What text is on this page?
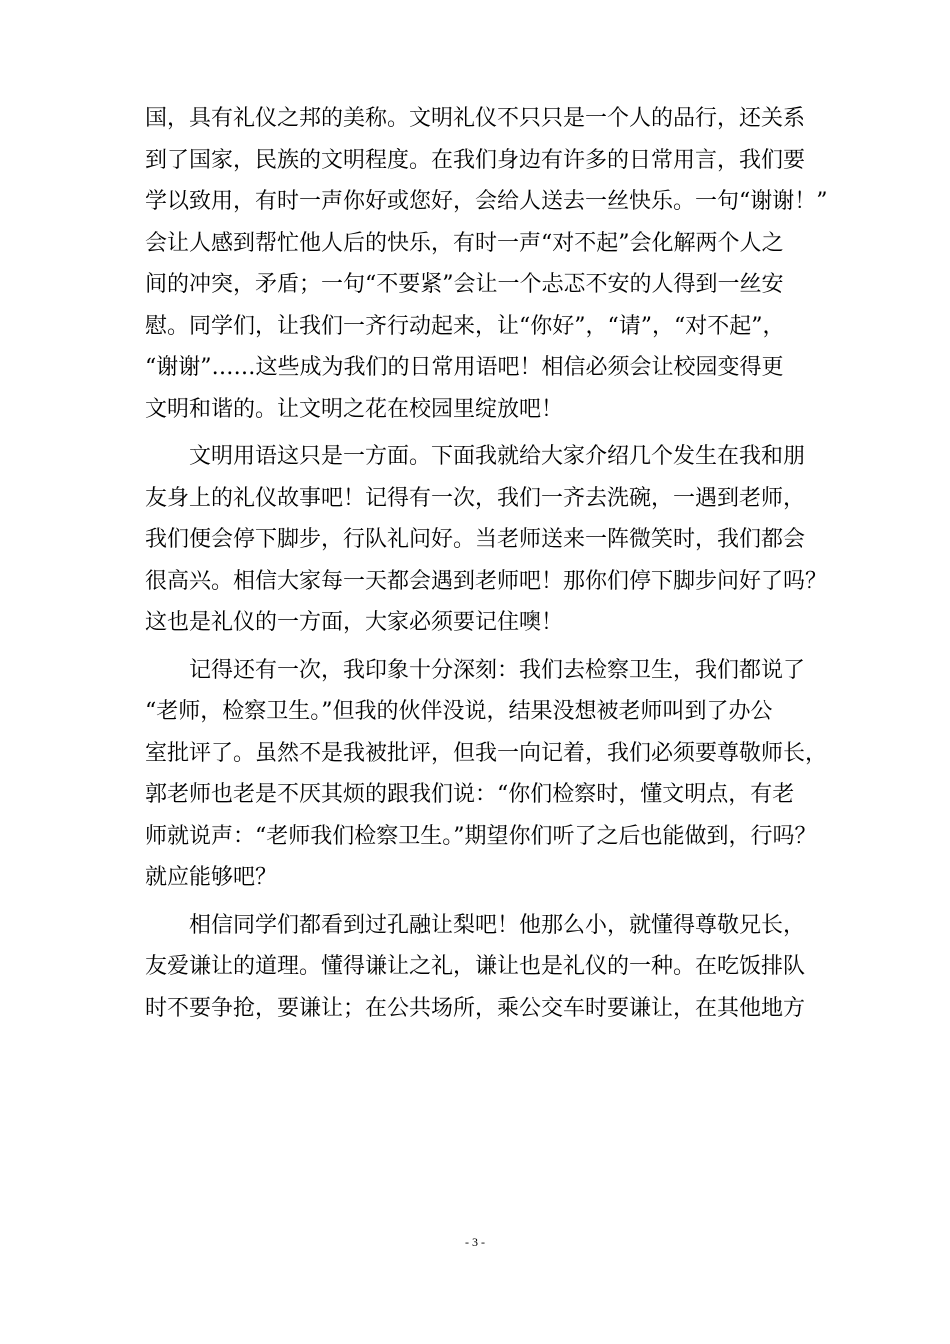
国，具有礼仪之邦的美称。文明礼仪不只只是一个人的品行，还关系
到了国家，民族的文明程度。在我们身边有许多的日常用言，我们要
学以致用，有时一声你好或您好，会给人送去一丝快乐。一句“谢谢！”
会让人感到帮忙他人后的快乐，有时一声“对不起”会化解两个人之
间的冲突，矛盾；一句“不要紧”会让一个忐忑不安的人得到一丝安
慰。同学们，让我们一齐行动起来，让“你好”，“请”，“对不起”，
“谢谢”……这些成为我们的日常用语吧！相信必须会让校园变得更
文明和谐的。让文明之花在校园里绽放吧！
　　文明用语这只是一方面。下面我就给大家介绍几个发生在我和朋
友身上的礼仪故事吧！记得有一次，我们一齐去洗碗，一遇到老师，
我们便会停下脚步，行队礼问好。当老师送来一阵微笑时，我们都会
很高兴。相信大家每一天都会遇到老师吧！那你们停下脚步问好了吗？
这也是礼仪的一方面，大家必须要记住噢！
　　记得还有一次，我印象十分深刻：我们去检察卫生，我们都说了
“老师，检察卫生。”但我的伙伴没说，结果没想被老师叫到了办公
室批评了。虽然不是我被批评，但我一向记着，我们必须要尊敬师长，
郭老师也老是不厌其烦的跟我们说：“你们检察时，懂文明点，有老
师就说声：“老师我们检察卫生。”期望你们听了之后也能做到，行吗？
就应能够吧？
　　相信同学们都看到过孔融让梨吧！他那么小，就懂得尊敬兄长，
友爱谦让的道理。懂得谦让之礼，谦让也是礼仪的一种。在吃饭排队
时不要争抢，要谦让；在公共场所，乘公交车时要谦让，在其他地方
- 3 -
